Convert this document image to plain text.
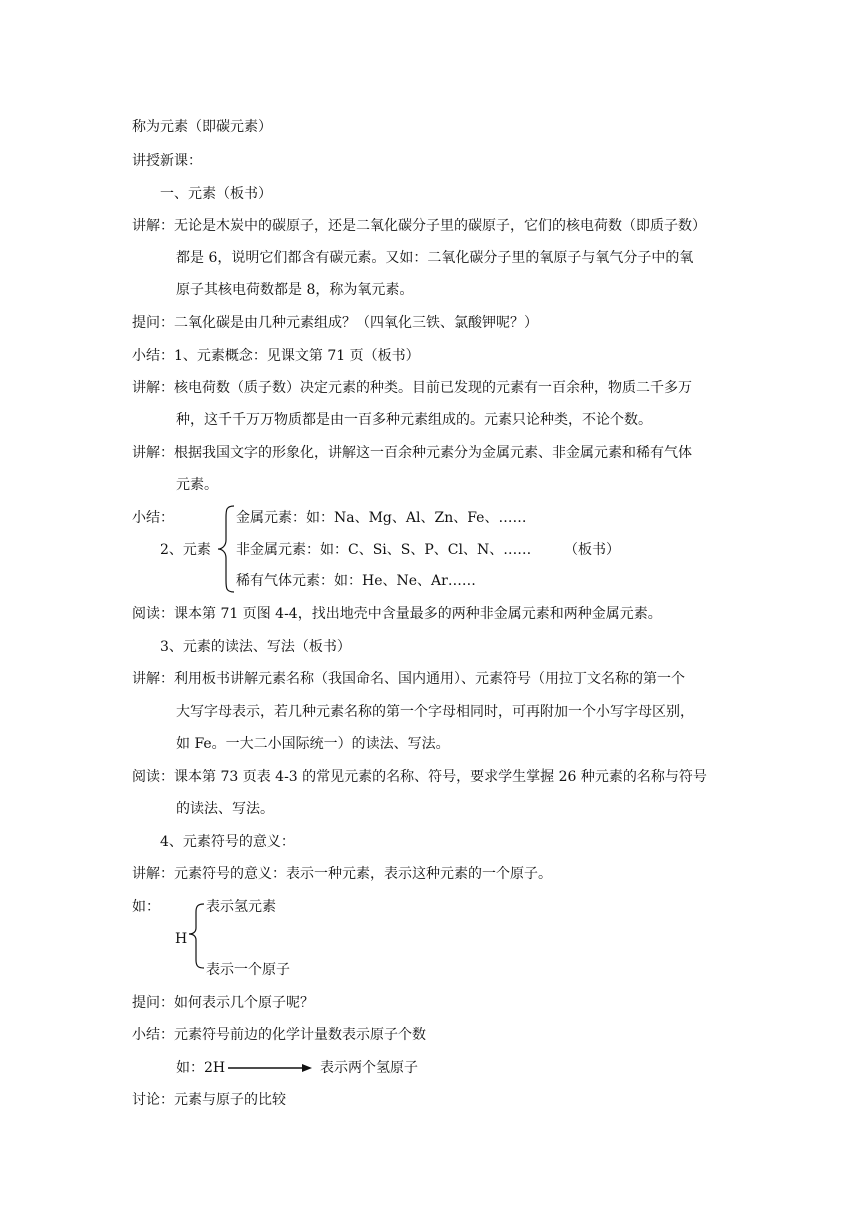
称为元素（即碳元素）
讲授新课：
一、元素（板书）
讲解：无论是木炭中的碳原子，还是二氧化碳分子里的碳原子，它们的核电荷数（即质子数）
都是 6，说明它们都含有碳元素。又如：二氧化碳分子里的氧原子与氧气分子中的氧
原子其核电荷数都是 8，称为氧元素。
提问：二氧化碳是由几种元素组成？（四氧化三铁、氯酸钾呢？）
小结：1、元素概念：见课文第 71 页（板书）
讲解：核电荷数（质子数）决定元素的种类。目前已发现的元素有一百余种，物质二千多万
种，这千千万万物质都是由一百多种元素组成的。元素只论种类，不论个数。
讲解：根据我国文字的形象化，讲解这一百余种元素分为金属元素、非金属元素和稀有气体
元素。
小结：	金属元素：如：Na、Mg、Al、Zn、Fe、……
2、元素 非金属元素：如：C、Si、S、P、Cl、N、…… （板书）
稀有气体元素：如：He、Ne、Ar……
阅读：课本第 71 页图 4-4，找出地壳中含量最多的两种非金属元素和两种金属元素。
3、元素的读法、写法（板书）
讲解：利用板书讲解元素名称（我国命名、国内通用）、元素符号（用拉丁文名称的第一个
大写字母表示，若几种元素名称的第一个字母相同时，可再附加一个小写字母区别，
如 Fe。一大二小国际统一）的读法、写法。
阅读：课本第 73 页表 4-3 的常见元素的名称、符号，要求学生掌握 26 种元素的名称与符号
的读法、写法。
4、元素符号的意义：
讲解：元素符号的意义：表示一种元素，表示这种元素的一个原子。
如：	表示氢元素
H
表示一个原子
提问：如何表示几个原子呢？
小结：元素符号前边的化学计量数表示原子个数
如：2H	表示两个氢原子
讨论：元素与原子的比较
